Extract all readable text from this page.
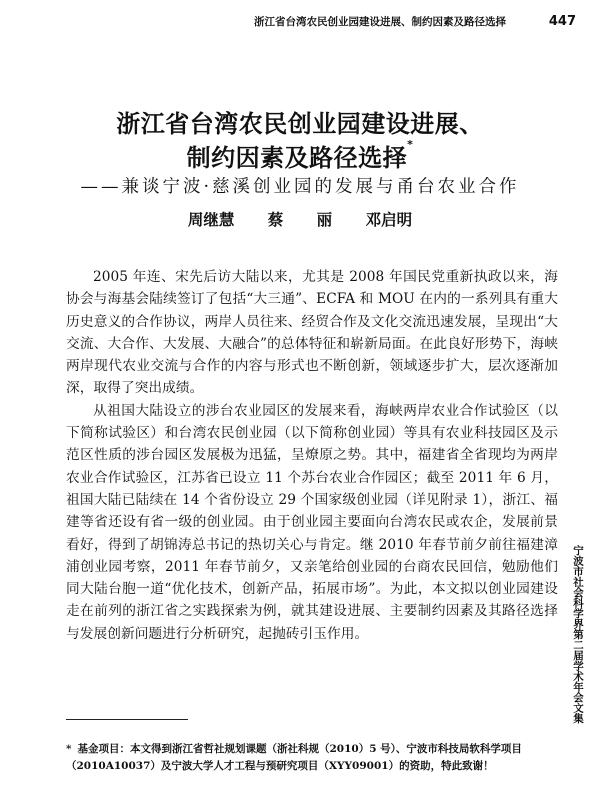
浙江省台湾农民创业园建设进展、制约因素及路径选择	447
浙江省台湾农民创业园建设进展、
制约因素及路径选择*
——兼谈宁波·慈溪创业园的发展与甬台农业合作
周继慧 蔡 丽 邓启明

2005 年连、宋先后访大陆以来，尤其是 2008 年国民党重新执政以来，海协会与海基会陆续签订了包括“大三通”、ECFA 和 MOU 在内的一系列具有重大历史意义的合作协议，两岸人员往来、经贸合作及文化交流迅速发展，呈现出“大交流、大合作、大发展、大融合”的总体特征和崭新局面。在此良好形势下，海峡两岸现代农业交流与合作的内容与形式也不断创新，领域逐步扩大，层次逐渐加深，取得了突出成绩。

从祖国大陆设立的涉台农业园区的发展来看，海峡两岸农业合作试验区（以下简称试验区）和台湾农民创业园（以下简称创业园）等具有农业科技园区及示范区性质的涉台园区发展极为迅猛，呈燎原之势。其中，福建省全省现均为两岸农业合作试验区，江苏省已设立 11 个苏台农业合作园区；截至 2011 年 6 月，祖国大陆已陆续在 14 个省份设立 29 个国家级创业园（详见附录 1），浙江、福建等省还设有省一级的创业园。由于创业园主要面向台湾农民或农企，发展前景看好，得到了胡锦涛总书记的热切关心与肯定。继 2010 年春节前夕前往福建漳浦创业园考察，2011 年春节前夕，又亲笔给创业园的台商农民回信，勉励他们同大陆台胞一道“优化技术，创新产品，拓展市场”。为此，本文拟以创业园建设走在前列的浙江省之实践探索为例，就其建设进展、主要制约因素及其路径选择与发展创新问题进行分析研究，起抛砖引玉作用。	宁波市社会科学界第二届学术年会文集
* 基金项目：本文得到浙江省哲社规划课题（浙社科规（2010）5 号）、宁波市科技局软科学项目（2010A10037）及宁波大学人才工程与预研究项目（XYY09001）的资助，特此致谢！
